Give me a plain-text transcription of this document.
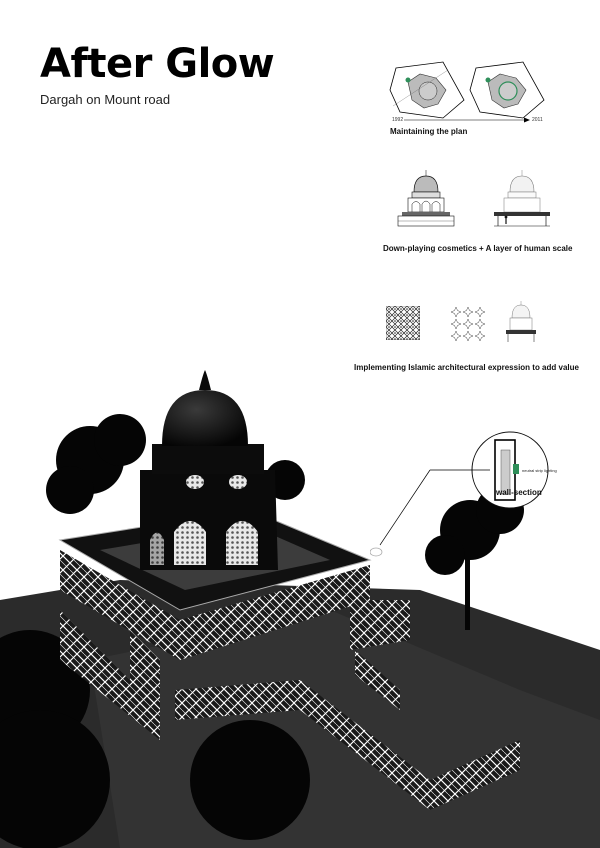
After Glow

Dargah on Mount road

1992	2011
Maintaining the plan
Down-playing cosmetics + A layer of human scale
Implementing Islamic architectural expression to add value
neutral strip lighting
wall-section
